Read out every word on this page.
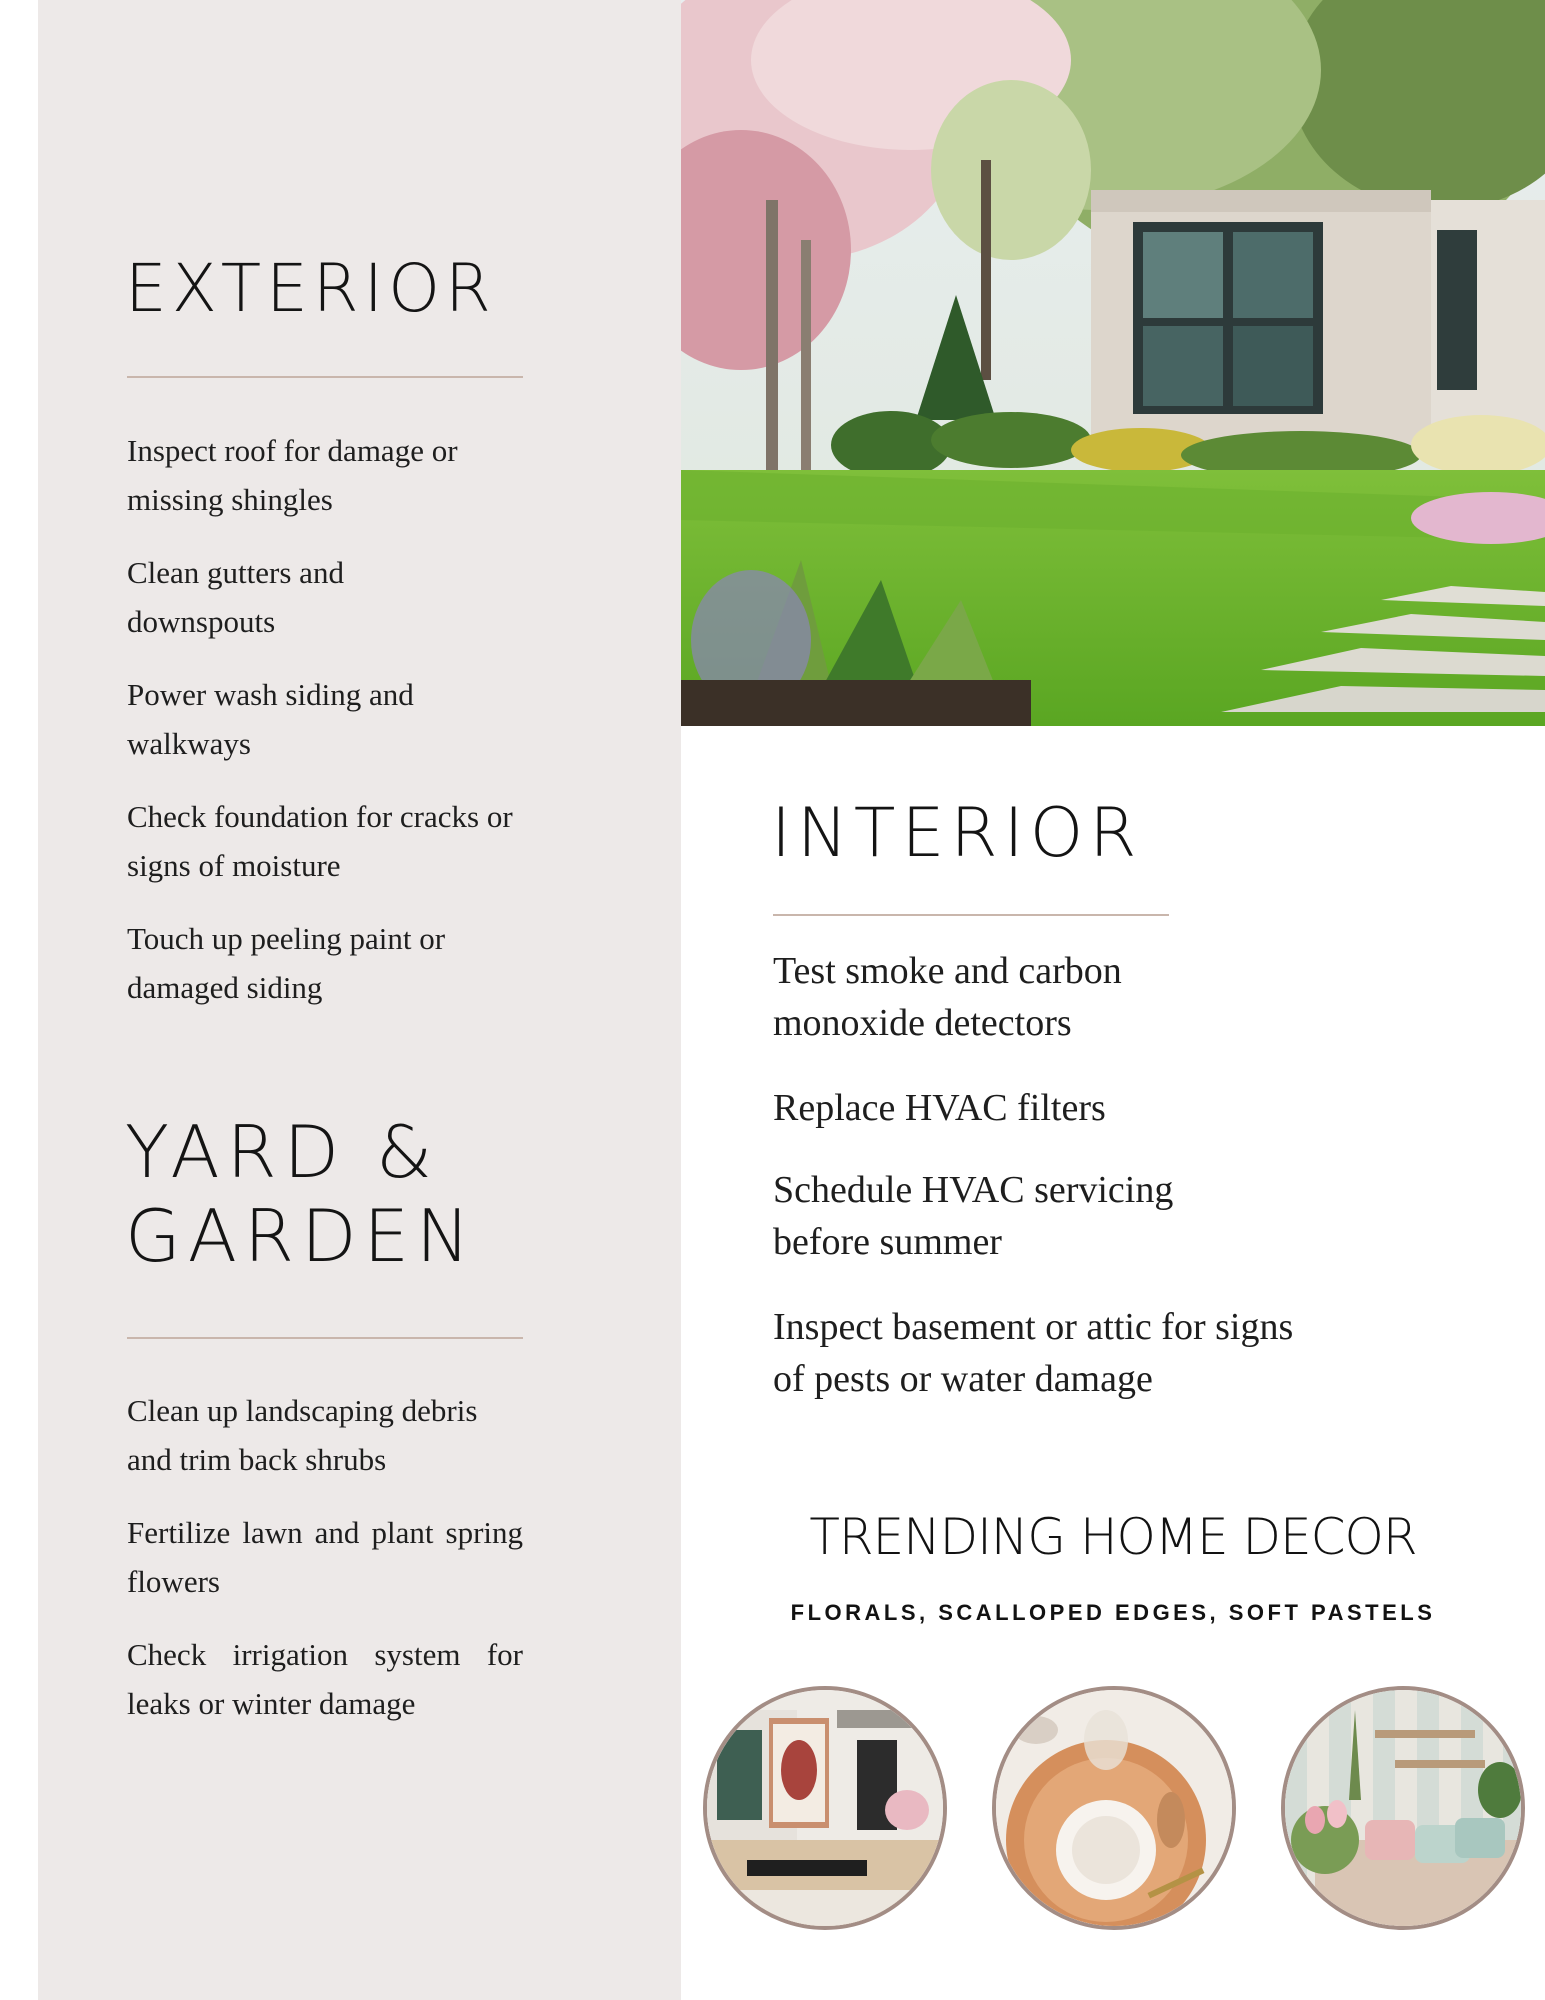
EXTERIOR

Inspect roof for damage or missing shingles

Clean gutters and downspouts

Power wash siding and walkways

Check foundation for cracks or signs of moisture

Touch up peeling paint or damaged siding

YARD &
GARDEN

Clean up landscaping debris and trim back shrubs

Fertilize lawn and plant spring flowers

Check irrigation system for leaks or winter damage

INTERIOR

Test smoke and carbon monoxide detectors

Replace HVAC filters

Schedule HVAC servicing before summer

Inspect basement or attic for signs of pests or water damage

TRENDING HOME DECOR

FLORALS, SCALLOPED EDGES, SOFT PASTELS
